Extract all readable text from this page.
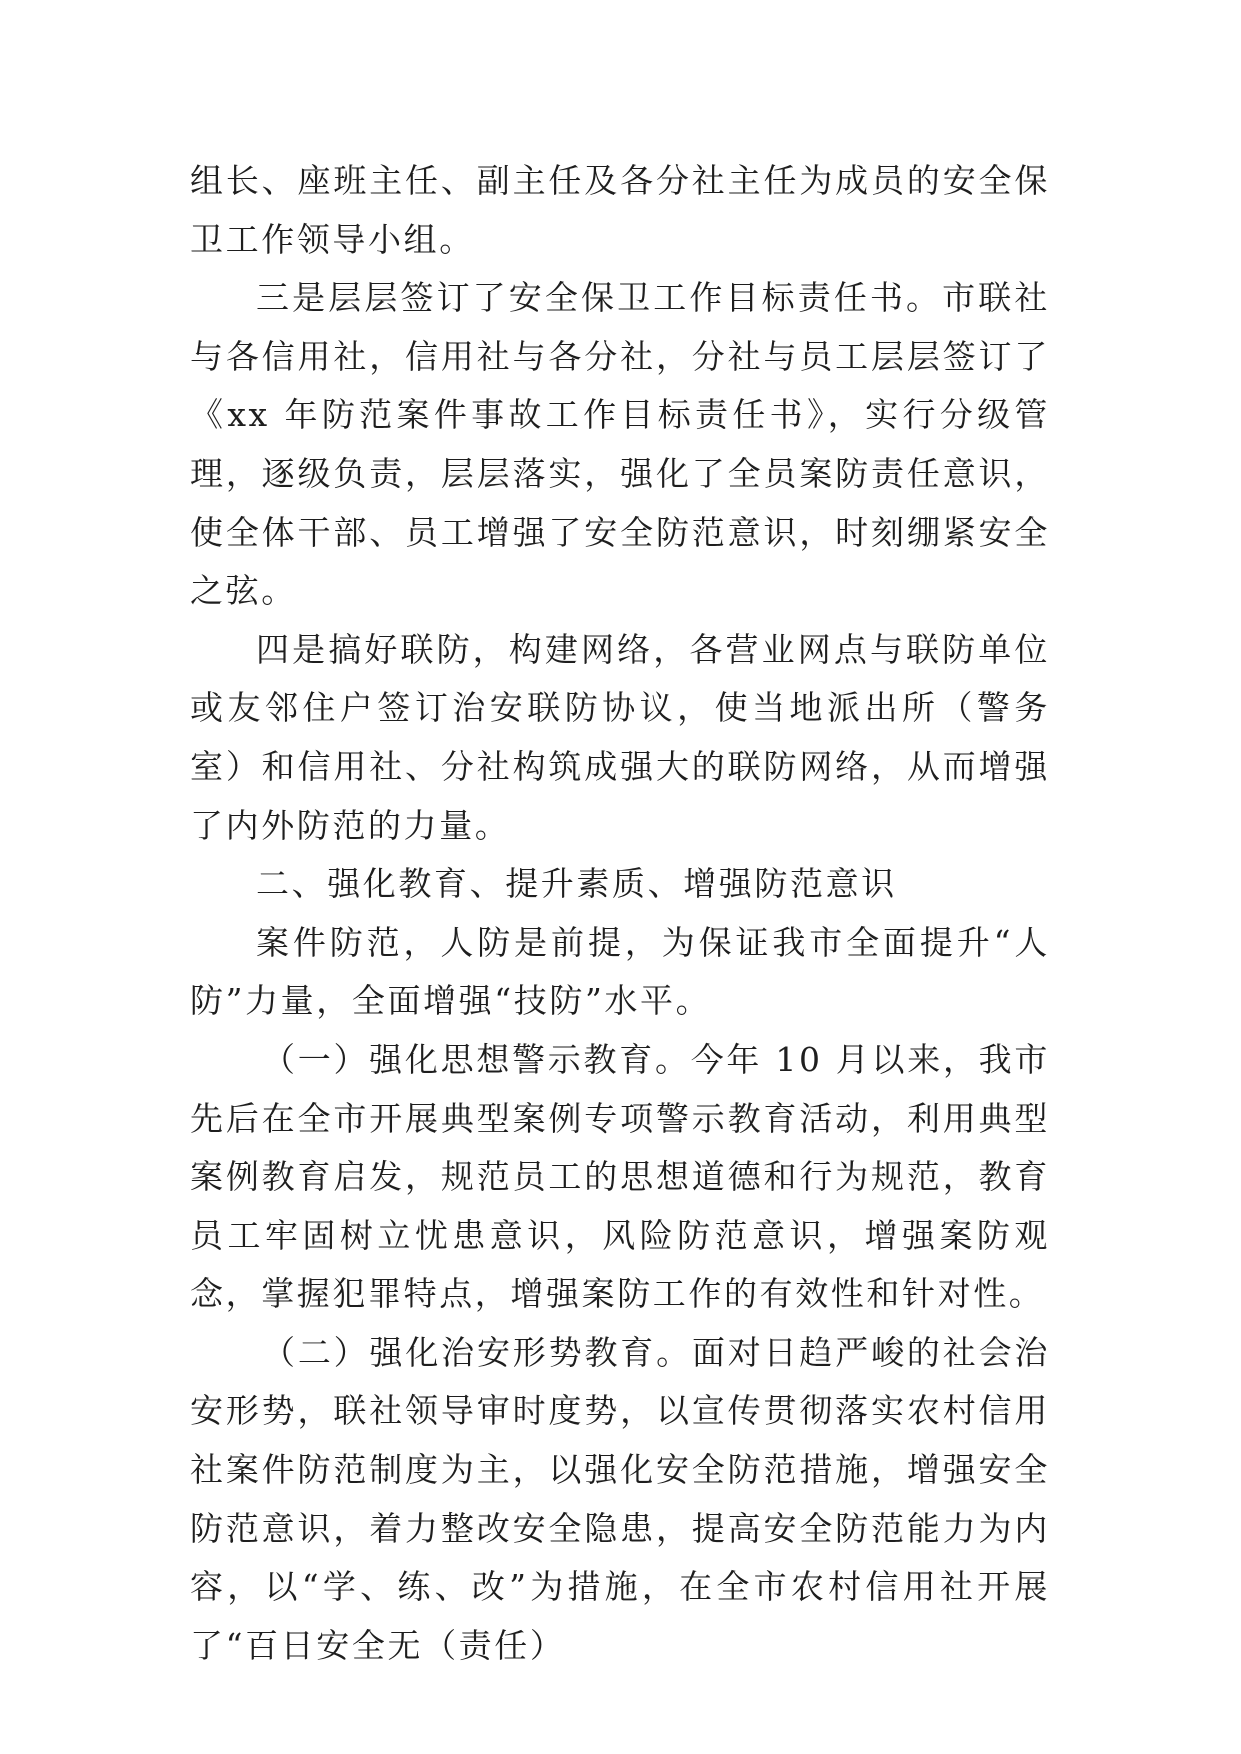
组长、座班主任、副主任及各分社主任为成员的安全保卫工作领导小组。

三是层层签订了安全保卫工作目标责任书。市联社与各信用社，信用社与各分社，分社与员工层层签订了《xx 年防范案件事故工作目标责任书》，实行分级管理，逐级负责，层层落实，强化了全员案防责任意识，使全体干部、员工增强了安全防范意识，时刻绷紧安全之弦。

四是搞好联防，构建网络，各营业网点与联防单位或友邻住户签订治安联防协议，使当地派出所（警务室）和信用社、分社构筑成强大的联防网络，从而增强了内外防范的力量。

二、强化教育、提升素质、增强防范意识

案件防范，人防是前提，为保证我市全面提升“人防”力量，全面增强“技防”水平。

（一）强化思想警示教育。今年 10 月以来，我市先后在全市开展典型案例专项警示教育活动，利用典型案例教育启发，规范员工的思想道德和行为规范，教育员工牢固树立忧患意识，风险防范意识，增强案防观念，掌握犯罪特点，增强案防工作的有效性和针对性。

（二）强化治安形势教育。面对日趋严峻的社会治安形势，联社领导审时度势，以宣传贯彻落实农村信用社案件防范制度为主，以强化安全防范措施，增强安全防范意识，着力整改安全隐患，提高安全防范能力为内容，以“学、练、改”为措施，在全市农村信用社开展了“百日安全无（责任）
